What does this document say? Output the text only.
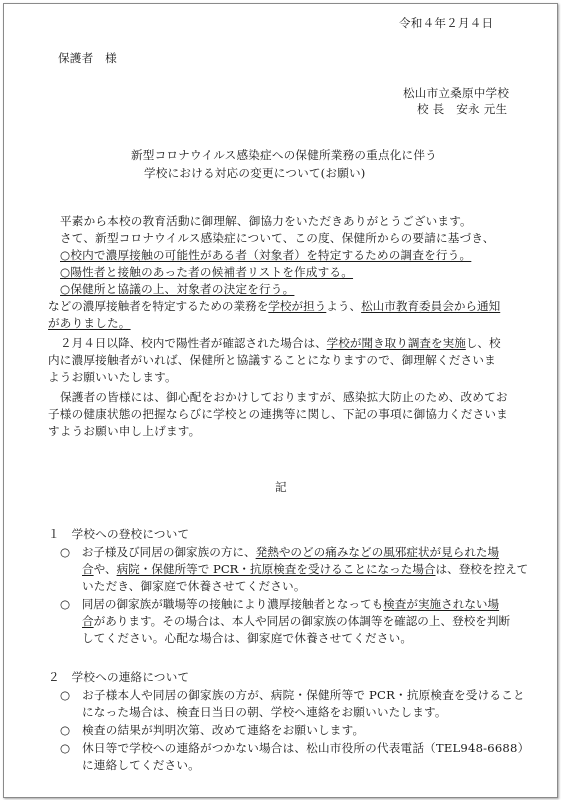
令和４年２月４日
保護者　様
松山市立桑原中学校
校 長　安永 元生
新型コロナウイルス感染症への保健所業務の重点化に伴う
学校における対応の変更について(お願い)
平素から本校の教育活動に御理解、御協力をいただきありがとうございます。
さて、新型コロナウイルス感染症について、この度、保健所からの要請に基づき、
○校内で濃厚接触の可能性がある者（対象者）を特定するための調査を行う。
○陽性者と接触のあった者の候補者リストを作成する。
○保健所と協議の上、対象者の決定を行う。
などの濃厚接触者を特定するための業務を学校が担うよう、松山市教育委員会から通知
がありました。
２月４日以降、校内で陽性者が確認された場合は、学校が聞き取り調査を実施し、校
内に濃厚接触者がいれば、保健所と協議することになりますので、御理解くださいま
ようお願いいたします。
保護者の皆様には、御心配をおかけしておりますが、感染拡大防止のため、改めてお
子様の健康状態の把握ならびに学校との連携等に関し、下記の事項に御協力くださいま
すようお願い申し上げます。
記
１　学校への登校について
○　お子様及び同居の御家族の方に、発熱やのどの痛みなどの風邪症状が見られた場
合や、病院・保健所等で PCR・抗原検査を受けることになった場合は、登校を控えて
いただき、御家庭で休養させてください。
○　同居の御家族が職場等の接触により濃厚接触者となっても検査が実施されない場
合があります。その場合は、本人や同居の御家族の体調等を確認の上、登校を判断
してください。心配な場合は、御家庭で休養させてください。
２　学校への連絡について
○　お子様本人や同居の御家族の方が、病院・保健所等で PCR・抗原検査を受けること
になった場合は、検査日当日の朝、学校へ連絡をお願いいたします。
○　検査の結果が判明次第、改めて連絡をお願いします。
○　休日等で学校への連絡がつかない場合は、松山市役所の代表電話（TEL948-6688）
に連絡してください。
